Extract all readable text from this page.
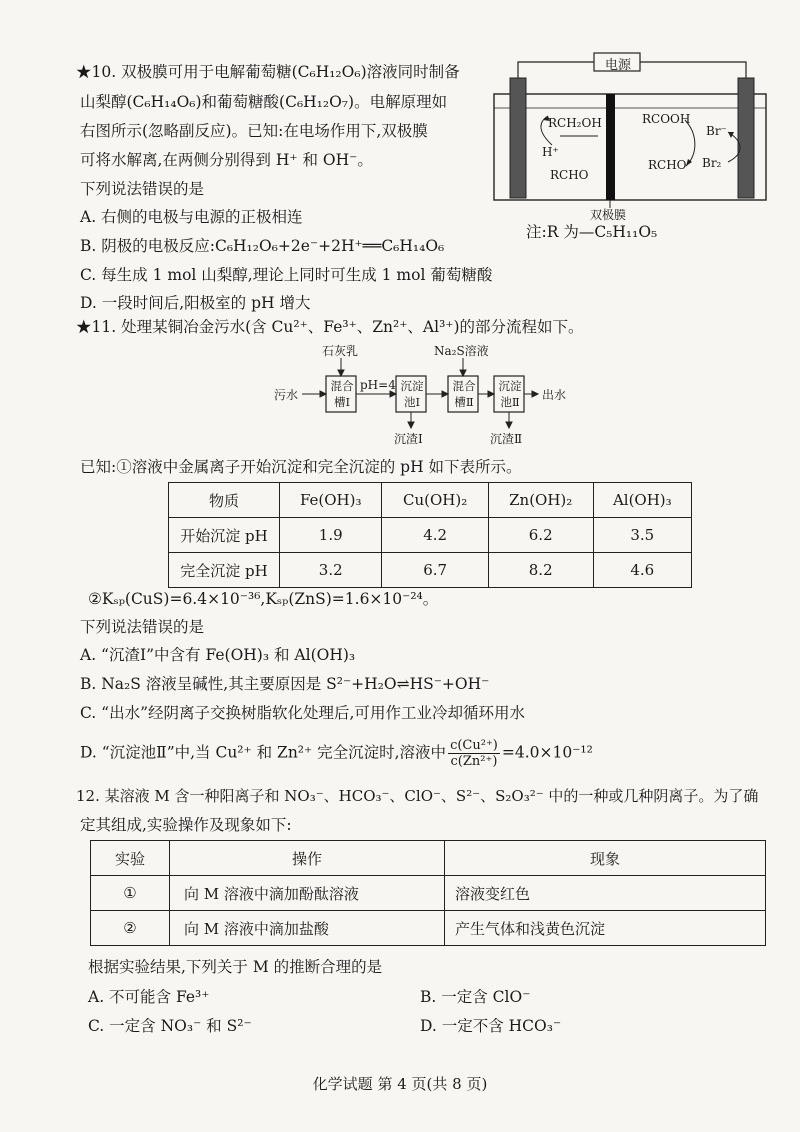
★10. 双极膜可用于电解葡萄糖(C₆H₁₂O₆)溶液同时制备
山梨醇(C₆H₁₄O₆)和葡萄糖酸(C₆H₁₂O₇)。电解原理如
右图所示(忽略副反应)。已知:在电场作用下,双极膜
可将水解离,在两侧分别得到 H⁺ 和 OH⁻。
下列说法错误的是
A. 右侧的电极与电源的正极相连
B. 阴极的电极反应:C₆H₁₂O₆+2e⁻+2H⁺══C₆H₁₄O₆
C. 每生成 1 mol 山梨醇,理论上同时可生成 1 mol 葡萄糖酸
D. 一段时间后,阳极室的 pH 增大
电源
RCH₂OH
H⁺
RCHO
RCOOH
RCHO
Br⁻
Br₂
双极膜
注:R 为—C₅H₁₁O₅
★11. 处理某铜冶金污水(含 Cu²⁺、Fe³⁺、Zn²⁺、Al³⁺)的部分流程如下。
污水
石灰乳
混合
槽Ⅰ
pH=4 沉淀
池Ⅰ
沉渣Ⅰ
Na₂S溶液
混合
槽Ⅱ
沉淀
池Ⅱ
沉渣Ⅱ
出水
已知:①溶液中金属离子开始沉淀和完全沉淀的 pH 如下表所示。
物质	Fe(OH)₃	Cu(OH)₂	Zn(OH)₂	Al(OH)₃
开始沉淀 pH	1.9	4.2	6.2	3.5
完全沉淀 pH	3.2	6.7	8.2	4.6
②Kₛₚ(CuS)=6.4×10⁻³⁶,Kₛₚ(ZnS)=1.6×10⁻²⁴。
下列说法错误的是
A. “沉渣Ⅰ”中含有 Fe(OH)₃ 和 Al(OH)₃
B. Na₂S 溶液呈碱性,其主要原因是 S²⁻+H₂O⇌HS⁻+OH⁻
C. “出水”经阴离子交换树脂软化处理后,可用作工业冷却循环用水
D. “沉淀池Ⅱ”中,当 Cu²⁺ 和 Zn²⁺ 完全沉淀时,溶液中 $\frac{\text{c(Cu²⁺)}}{\text{c(Zn²⁺)}} =4.0\times 10^{-12}$
12. 某溶液 M 含一种阳离子和 NO₃⁻、HCO₃⁻、ClO⁻、S²⁻、S₂O₃²⁻ 中的一种或几种阴离子。为了确
定其组成,实验操作及现象如下:
实验	操作	现象
①	向 M 溶液中滴加酚酞溶液	溶液变红色
②	向 M 溶液中滴加盐酸	产生气体和浅黄色沉淀
根据实验结果,下列关于 M 的推断合理的是
A. 不可能含 Fe³⁺	B. 一定含 ClO⁻
C. 一定含 NO₃⁻ 和 S²⁻	D. 一定不含 HCO₃⁻
化学试题 第 4 页(共 8 页)
